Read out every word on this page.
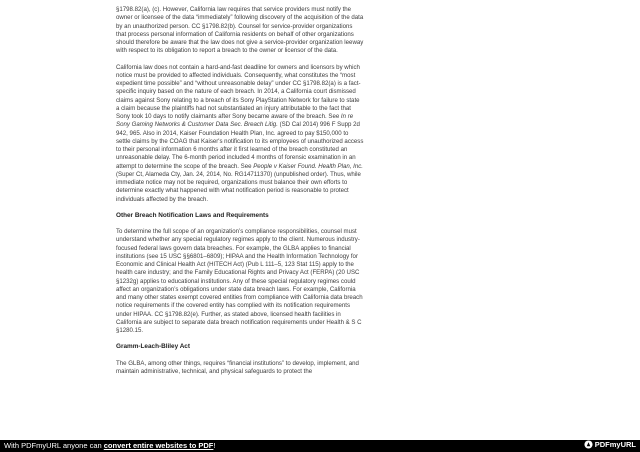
§1798.82(a), (c). However, California law requires that service providers must notify the owner or licensee of the data “immediately” following discovery of the acquisition of the data by an unauthorized person. CC §1798.82(b). Counsel for service-provider organizations that process personal information of California residents on behalf of other organizations should therefore be aware that the law does not give a service-provider organization leeway with respect to its obligation to report a breach to the owner or licensor of the data.

California law does not contain a hard-and-fast deadline for owners and licensors by which notice must be provided to affected individuals. Consequently, what constitutes the “most expedient time possible” and “without unreasonable delay” under CC §1798.82(a) is a fact-specific inquiry based on the nature of each breach. In 2014, a California court dismissed claims against Sony relating to a breach of its Sony PlayStation Network for failure to state a claim because the plaintiffs had not substantiated an injury attributable to the fact that Sony took 10 days to notify claimants after Sony became aware of the breach. See In re Sony Gaming Networks & Customer Data Sec. Breach Litig. (SD Cal 2014) 996 F Supp 2d 942, 965. Also in 2014, Kaiser Foundation Health Plan, Inc. agreed to pay $150,000 to settle claims by the COAG that Kaiser's notification to its employees of unauthorized access to their personal information 6 months after it first learned of the breach constituted an unreasonable delay. The 6-month period included 4 months of forensic examination in an attempt to determine the scope of the breach. See People v Kaiser Found. Health Plan, Inc. (Super Ct, Alameda Cty, Jan. 24, 2014, No. RG14711370) (unpublished order). Thus, while immediate notice may not be required, organizations must balance their own efforts to determine exactly what happened with what notification period is reasonable to protect individuals affected by the breach.

Other Breach Notification Laws and Requirements

To determine the full scope of an organization’s compliance responsibilities, counsel must understand whether any special regulatory regimes apply to the client. Numerous industry-focused federal laws govern data breaches. For example, the GLBA applies to financial institutions (see 15 USC §§6801–6809); HIPAA and the Health Information Technology for Economic and Clinical Health Act (HITECH Act) (Pub L 111–5, 123 Stat 115) apply to the health care industry; and the Family Educational Rights and Privacy Act (FERPA) (20 USC §1232g) applies to educational institutions. Any of these special regulatory regimes could affect an organization’s obligations under state data breach laws. For example, California and many other states exempt covered entities from compliance with California data breach notice requirements if the covered entity has complied with its notification requirements under HIPAA. CC §1798.82(e). Further, as stated above, licensed health facilities in California are subject to separate data breach notification requirements under Health & S C §1280.15.

Gramm-Leach-Bliley Act

The GLBA, among other things, requires “financial institutions” to develop, implement, and maintain administrative, technical, and physical safeguards to protect the

With PDFmyURL anyone can convert entire websites to PDF!	PDFmyURL
